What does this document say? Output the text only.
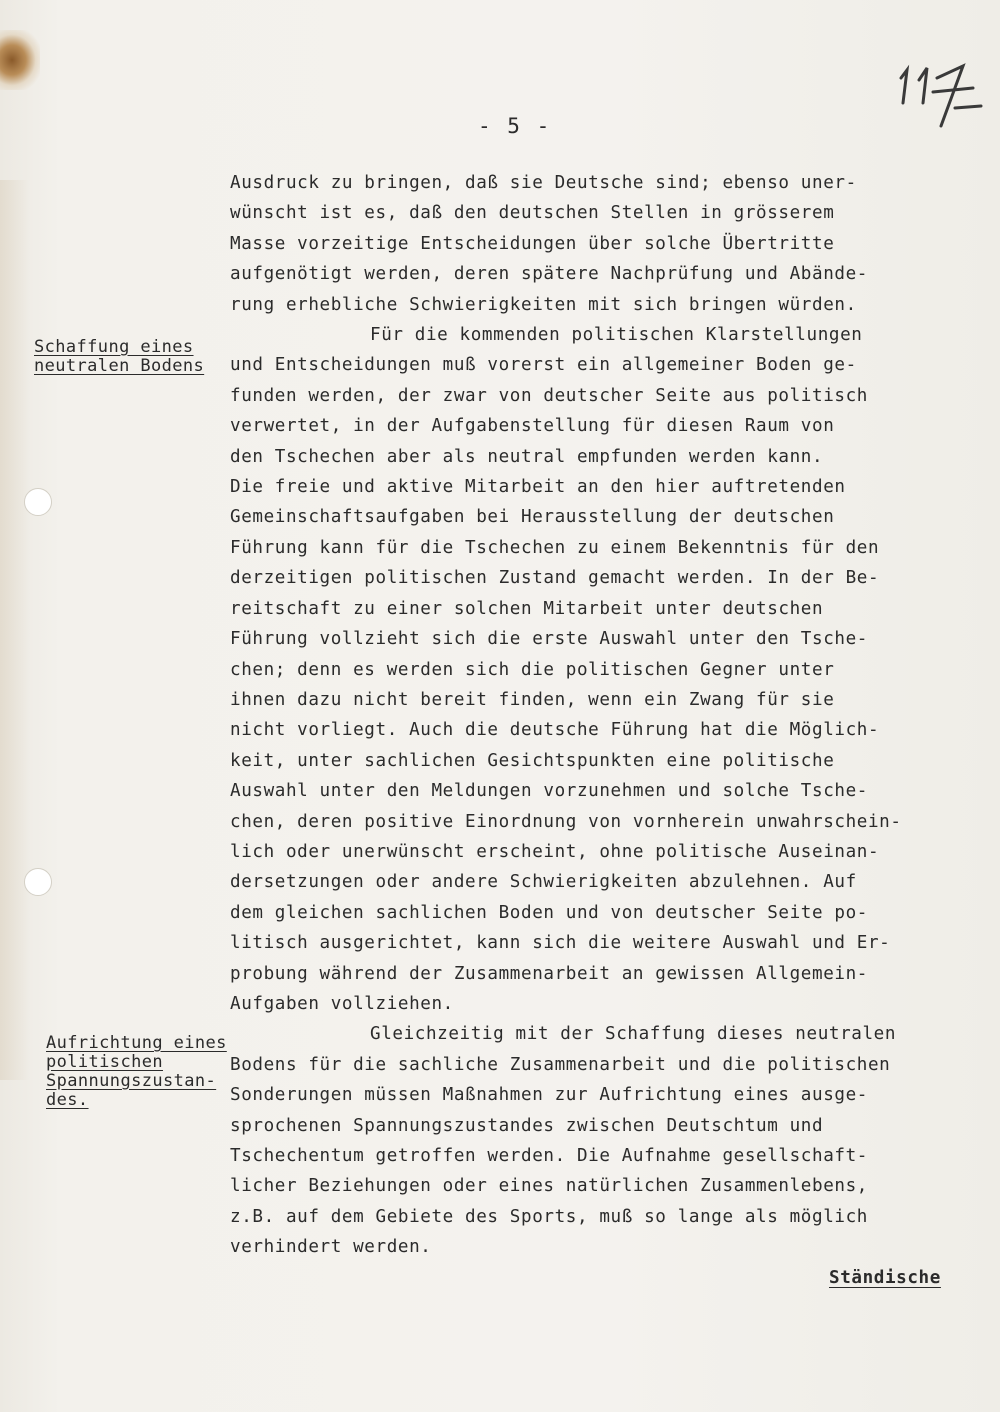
- 5 -
Schaffung eines
neutralen Bodens
Aufrichtung eines
politischen
Spannungszustan-
des.
Ausdruck zu bringen, daß sie Deutsche sind; ebenso uner-
wünscht ist es, daß den deutschen Stellen in grösserem
Masse vorzeitige Entscheidungen über solche Übertritte
aufgenötigt werden, deren spätere Nachprüfung und Abände-
rung erhebliche Schwierigkeiten mit sich bringen würden.
Für die kommenden politischen Klarstellungen
und Entscheidungen muß vorerst ein allgemeiner Boden ge-
funden werden, der zwar von deutscher Seite aus politisch
verwertet, in der Aufgabenstellung für diesen Raum von
den Tschechen aber als neutral empfunden werden kann.
Die freie und aktive Mitarbeit an den hier auftretenden
Gemeinschaftsaufgaben bei Herausstellung der deutschen
Führung kann für die Tschechen zu einem Bekenntnis für den
derzeitigen politischen Zustand gemacht werden. In der Be-
reitschaft zu einer solchen Mitarbeit unter deutschen
Führung vollzieht sich die erste Auswahl unter den Tsche-
chen; denn es werden sich die politischen Gegner unter
ihnen dazu nicht bereit finden, wenn ein Zwang für sie
nicht vorliegt. Auch die deutsche Führung hat die Möglich-
keit, unter sachlichen Gesichtspunkten eine politische
Auswahl unter den Meldungen vorzunehmen und solche Tsche-
chen, deren positive Einordnung von vornherein unwahrschein-
lich oder unerwünscht erscheint, ohne politische Auseinan-
dersetzungen oder andere Schwierigkeiten abzulehnen. Auf
dem gleichen sachlichen Boden und von deutscher Seite po-
litisch ausgerichtet, kann sich die weitere Auswahl und Er-
probung während der Zusammenarbeit an gewissen Allgemein-
Aufgaben vollziehen.
Gleichzeitig mit der Schaffung dieses neutralen
Bodens für die sachliche Zusammenarbeit und die politischen
Sonderungen müssen Maßnahmen zur Aufrichtung eines ausge-
sprochenen Spannungszustandes zwischen Deutschtum und
Tschechentum getroffen werden. Die Aufnahme gesellschaft-
licher Beziehungen oder eines natürlichen Zusammenlebens,
z.B. auf dem Gebiete des Sports, muß so lange als möglich
verhindert werden.
Ständische
